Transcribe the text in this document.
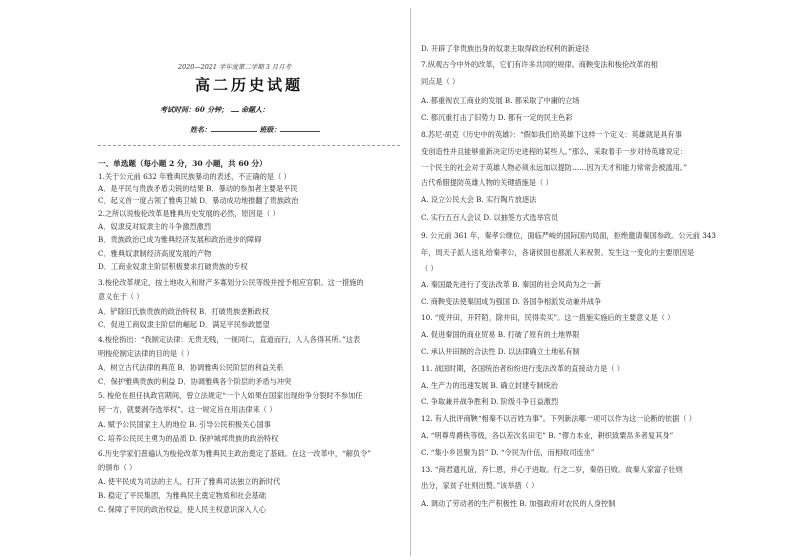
2020—2021 学年度第二学期 3 月月考
高二历史试题
考试时间：60 分钟； 命题人：
姓名：	班级：
一、单选题（每小题 2 分，30 小题，共 60 分）
1.关于公元前 632 年雅典民族暴动的表述，不正确的是（ ）
A．是平民与贵族矛盾尖锐的结果 B．暴动的参加者主要是平民
C．起义首一度占领了雅典卫城 D．暴动成功地推翻了贵族政治
2.之所以说梭伦改革是雅典历史发展的必然，原因是（ ）
A．奴隶反对奴隶主的斗争激烈激烈
B．贵族政治已成为雅典经济发展和政治进步的障碍
C．雅典奴隶制经济高度发展的产物
D．工商业奴隶主阶层积极要求打破贵族的专权
3.梭伦改革规定，按土地收入和财产多寡划分公民等级并授予相应官职。这一措施的
意义在于（ ）
A．铲除旧氏族贵族的政治特权 B．打破贵族垄断政权
C．促进工商奴隶主阶层的崛起 D．满足平民参政愿望
4.梭伦指出：“我制定法律：无贵无贱，一视同仁，直道而行，人人各得其所。”这表
明梭伦制定法律的目的是（ ）
A．树立古代法律的典范 B．协调雅典公民阶层的利益关系
C．保护雅典贵族的利益 D．协调雅典各个阶层的矛盾与冲突
5. 梭伦在担任执政官期间，曾立法规定“一个人如果在国家出现纷争分裂时不参加任
何一方，就要剥夺选举权”。这一规定旨在用法律来（ ）
A. 赋予公民国家主人的地位 B. 引导公民积极关心国事
C. 培养公民民主勇为的品质 D. 保护城邦贵族的政治特权
6.历史学家们普遍认为梭伦改革为雅典民主政治奠定了基础。在这一改革中，“解负令”
的颁布（ ）
A. 使平民成为司法的主人，打开了雅典司法独立的新时代
B. 稳定了平民集团，为雅典民主奠定物质和社会基础
C. 保障了平民的政治权益，使人民主权意识深入人心
D. 开辟了非贵族出身的奴隶主取得政治权利的新途径
7.纵观古今中外的改革，它们有许多共同的规律。商鞅变法和梭伦改革的相
同点是（ ）
A. 都重视农工商业的发展 B. 都采取了中庸的立场
C. 都沉重打击了旧势力 D. 都有一定的民主色彩
8.苏尼·胡克《历史中的英雄》：“假如我们给英雄下这样一个定义：英雄就是具有事
变创造性并且能够重新决定历史进程的某些人。”那么，采取着手一步对待英雄说定：
一个民主的社会对于英雄人物必须永远加以提防……因为天才和能力常常会被滥用。”
古代希腊提防英雄人物的关键措施是（ ）
A. 设立公民大会 B. 实行陶片放逐法
C. 实行五百人会议 D. 以抽签方式选举官员
9. 公元前 361 年，秦孝公继位，面临严峻的国际国内局面，拒绝邀请秦国参政。公元前 343
年，周天子派人送礼给秦孝公，各诸侯国也都派人来祝贺。发生这一变化的主要原因是
（ ）
A. 秦国最先进行了变法改革 B. 秦国的社会风尚为之一新
C. 商鞅变法使秦国成为强国 D. 各国争相派发动兼并战争
10. “废井田，开阡陌，除井田，民得卖买”。这一措施实施后的主要意义是（ ）
A. 促进秦国的商业贸易 B. 打破了原有的土地界限
C. 承认井田制的合法性 D. 以法律确立土地私有制
11. 战国时期，各国统治者纷纷进行变法改革的直接动力是（ ）
A. 生产力的迅速发展 B. 确立封建专制统治
C. 争取兼并战争胜利 D. 阶级斗争日益激烈
12. 有人批评商鞅“相秦不以百姓为事”。下列新法哪一项可以作为这一论断的依据（ ）
A. “明尊卑爵秩等级，各以差次名田宅” B. “僇力本业，耕织致粟帛多者复其身”
C. “集小乡邑聚为县” D. “令民为什伍，而相收司连坐”
13. “商君遗礼谊，弃仁恩，并心于进取。行之二岁，秦俗日败。故秦人家富子壮则
出分，家贫子壮则出赘。”该举措（ ）
A. 调动了劳动者的生产积极性 B. 加强政府对农民的人身控制
